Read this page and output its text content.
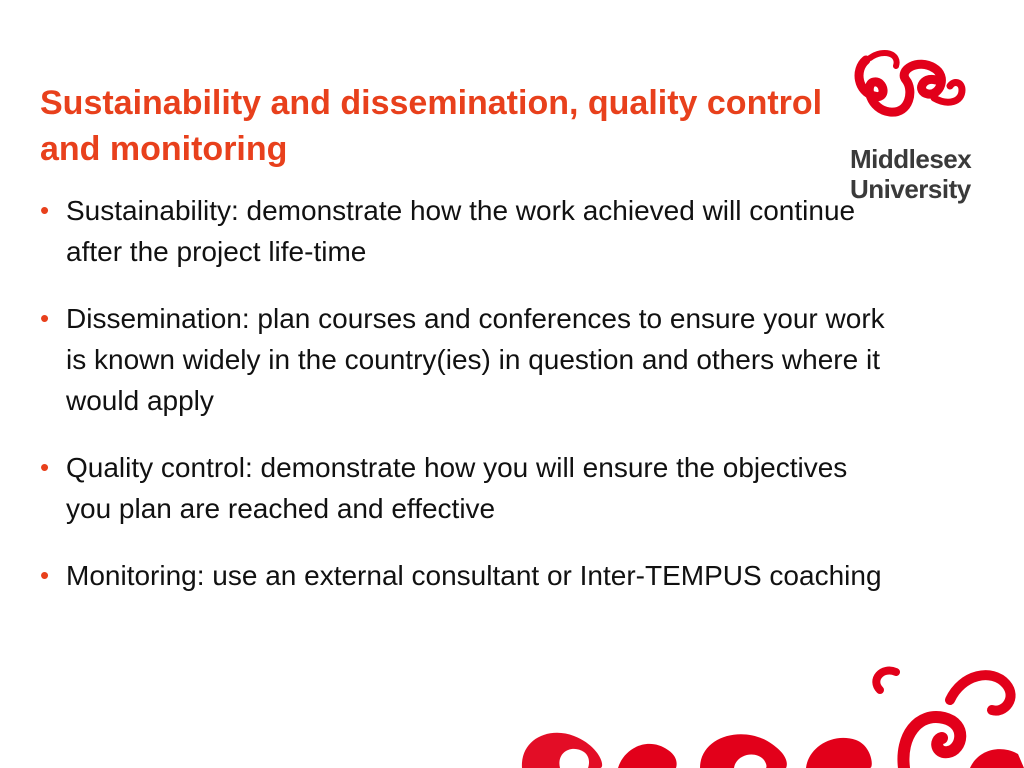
Sustainability and dissemination, quality control and monitoring
• Sustainability: demonstrate how the work achieved will continue after the project life-time
• Dissemination: plan courses and conferences to ensure your work is known widely in the country(ies) in question and others where it would apply
• Quality control: demonstrate how you will ensure the objectives you plan are reached and effective
• Monitoring: use an external consultant or Inter-TEMPUS coaching
Middlesex
University
